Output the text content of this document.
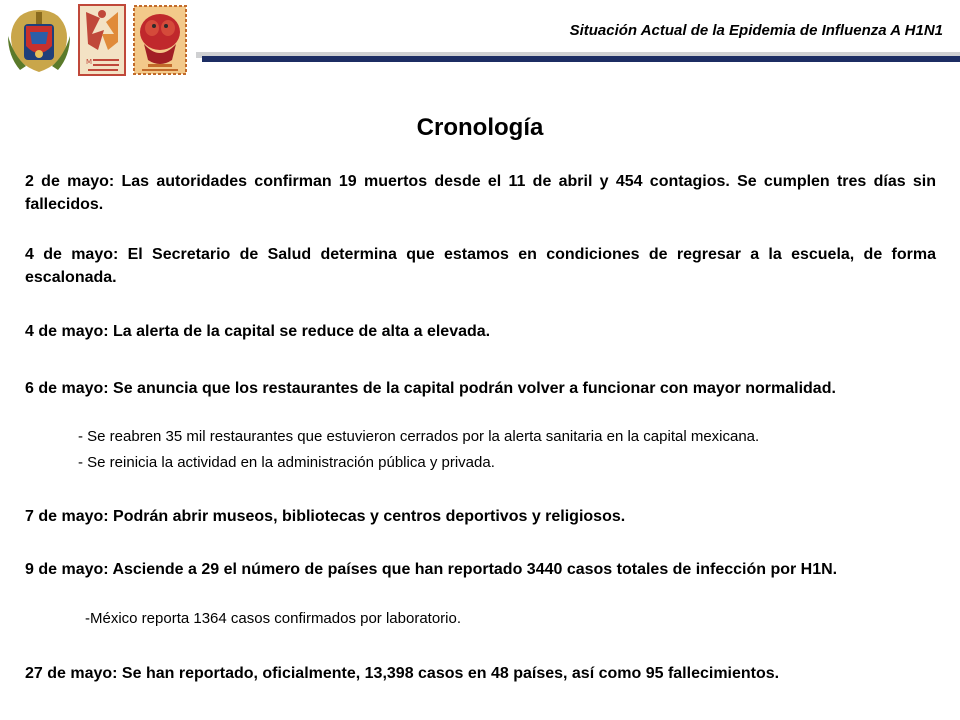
M
Situación Actual de la Epidemia de Influenza A H1N1
Cronología
2 de mayo: Las autoridades confirman 19 muertos desde el 11 de abril y 454 contagios. Se cumplen tres días sin fallecidos.
4 de mayo: El Secretario de Salud determina que estamos en condiciones de regresar a la escuela, de forma escalonada.
4 de mayo: La alerta de la capital se reduce de alta a elevada.
6 de mayo: Se anuncia que los restaurantes de la capital podrán volver a funcionar con mayor normalidad.
- Se reabren 35 mil restaurantes que estuvieron cerrados por la alerta sanitaria en la capital mexicana.
- Se reinicia la actividad en la administración pública y privada.
7 de mayo: Podrán abrir museos, bibliotecas y centros deportivos y religiosos.
9 de mayo: Asciende a 29 el número de países que han reportado 3440 casos totales de infección por H1N.
-México reporta 1364 casos confirmados por laboratorio.
27 de mayo: Se han reportado, oficialmente, 13,398 casos en 48 países, así como 95 fallecimientos.
